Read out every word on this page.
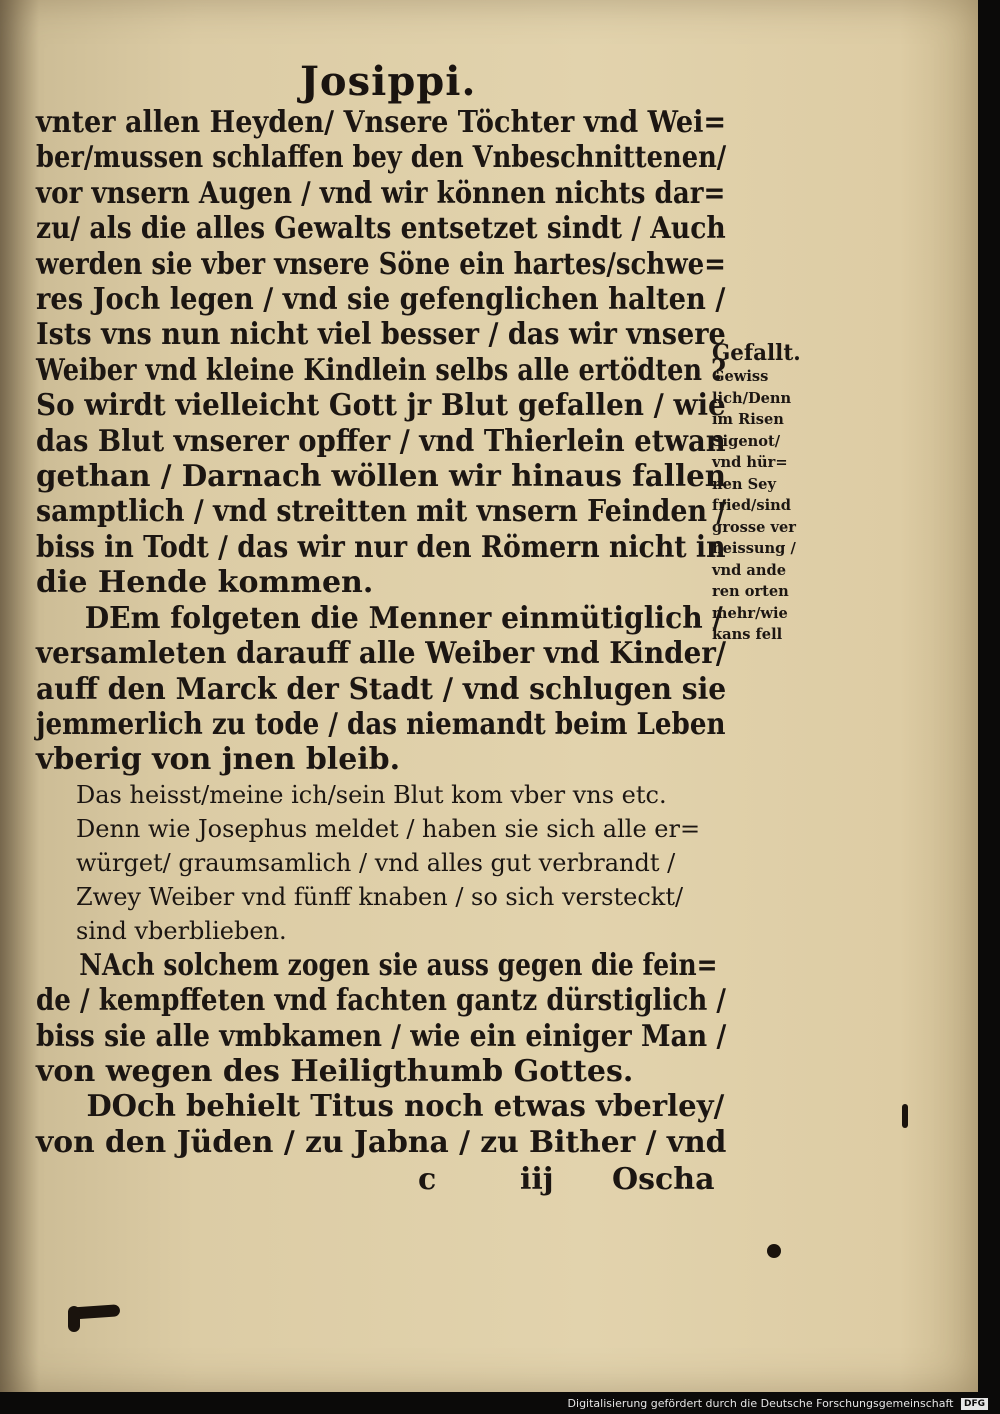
Josippi.
vnter allen Heyden/ Vnsere Töchter vnd Wei=
ber/mussen schlaffen bey den Vnbeschnittenen/
vor vnsern Augen / vnd wir können nichts dar=
zu/ als die alles Gewalts entsetzet sindt / Auch
werden sie vber vnsere Söne ein hartes/schwe=
res Joch legen / vnd sie gefenglichen halten /
Ists vns nun nicht viel besser / das wir vnsere
Weiber vnd kleine Kindlein selbs alle ertödten ?
So wirdt vielleicht Gott jr Blut gefallen / wie
das Blut vnserer opffer / vnd Thierlein etwan
gethan / Darnach wöllen wir hinaus fallen
samptlich / vnd streitten mit vnsern Feinden /
biss in Todt / das wir nur den Römern nicht in
die Hende kommen.
DEm folgeten die Menner einmütiglich /
versamleten darauff alle Weiber vnd Kinder/
auff den Marck der Stadt / vnd schlugen sie
jemmerlich zu tode / das niemandt beim Leben
vberig von jnen bleib.
Das heisst/meine ich/sein Blut kom vber vns etc.
Denn wie Josephus meldet / haben sie sich alle er=
würget/ graumsamlich / vnd alles gut verbrandt /
Zwey Weiber vnd fünff knaben / so sich versteckt/
sind vberblieben.
NAch solchem zogen sie auss gegen die fein=
de / kempffeten vnd fachten gantz dürstiglich /
biss sie alle vmbkamen / wie ein einiger Man /
von wegen des Heiligthumb Gottes.
DOch behielt Titus noch etwas vberley/
von den Jüden / zu Jabna / zu Bither / vnd
Gefallt.
Gewiss
lich/Denn
im Risen
Sigenot/
vnd hür=
nen Sey
fried/sind
grosse ver
heissung /
vnd ande
ren orten
mehr/wie
kans fell
c	iij Oscha
Digitalisierung gefördert durch die Deutsche Forschungsgemeinschaft DFG
